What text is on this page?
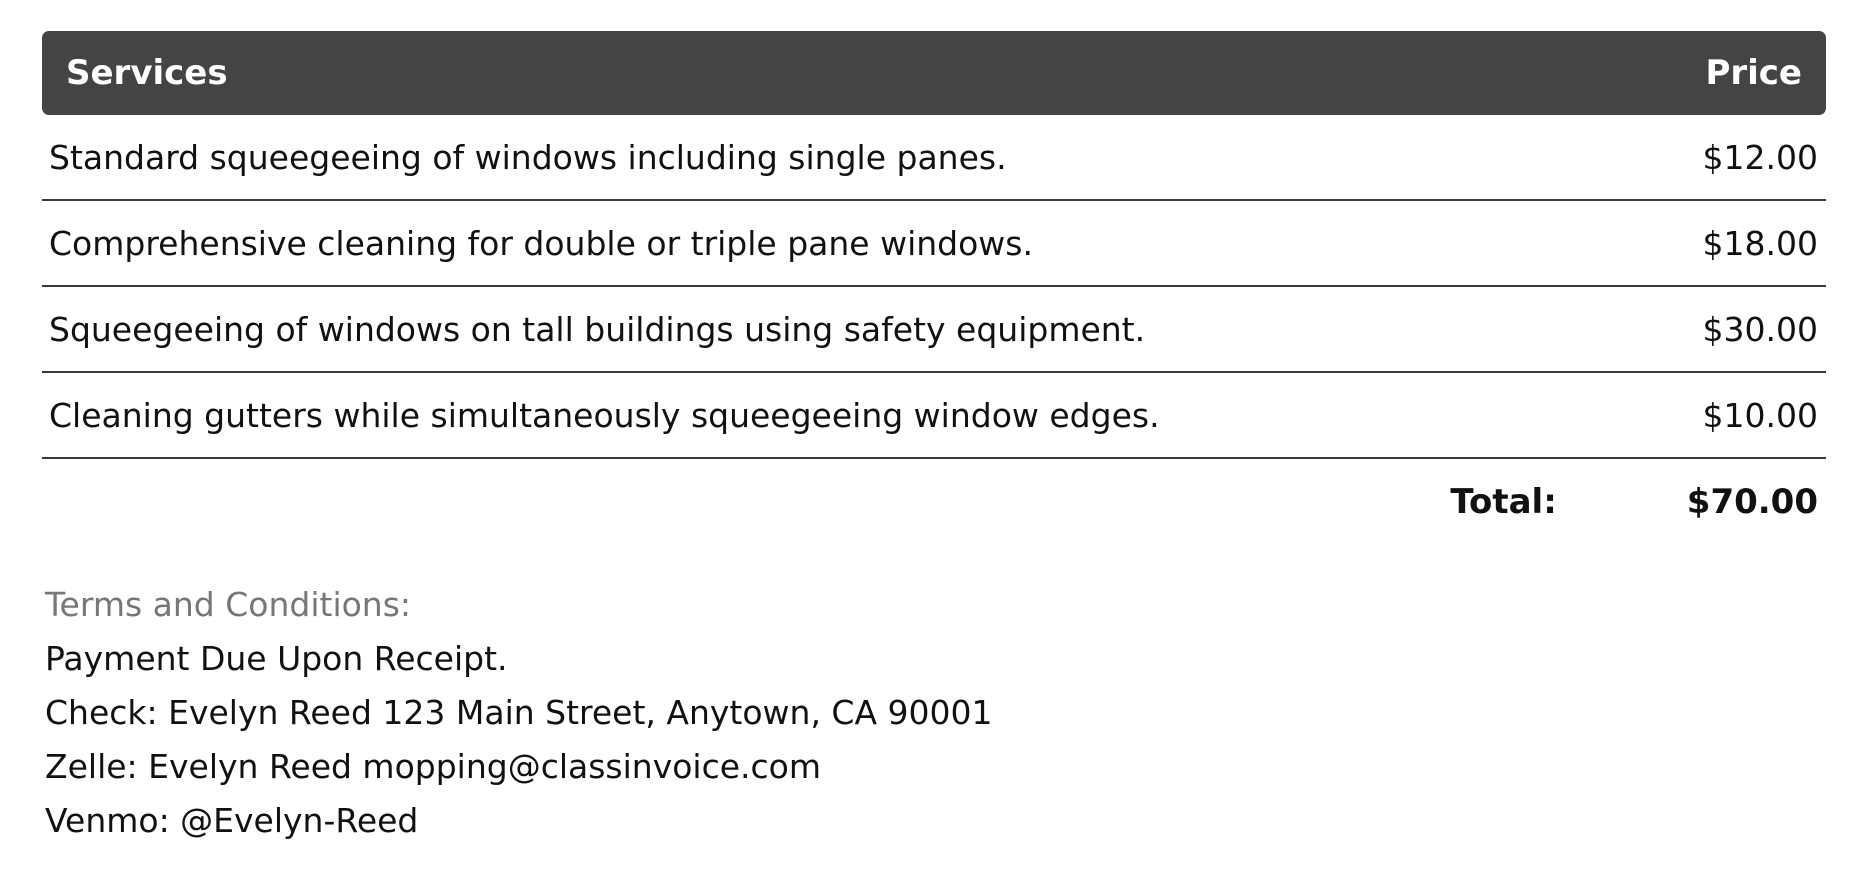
Services	Price
Standard squeegeeing of windows including single panes.	$12.00
Comprehensive cleaning for double or triple pane windows.	$18.00
Squeegeeing of windows on tall buildings using safety equipment.	$30.00
Cleaning gutters while simultaneously squeegeeing window edges.	$10.00
Total:	$70.00
Terms and Conditions:
Payment Due Upon Receipt.
Check: Evelyn Reed 123 Main Street, Anytown, CA 90001
Zelle: Evelyn Reed mopping@classinvoice.com
Venmo: @Evelyn-Reed
